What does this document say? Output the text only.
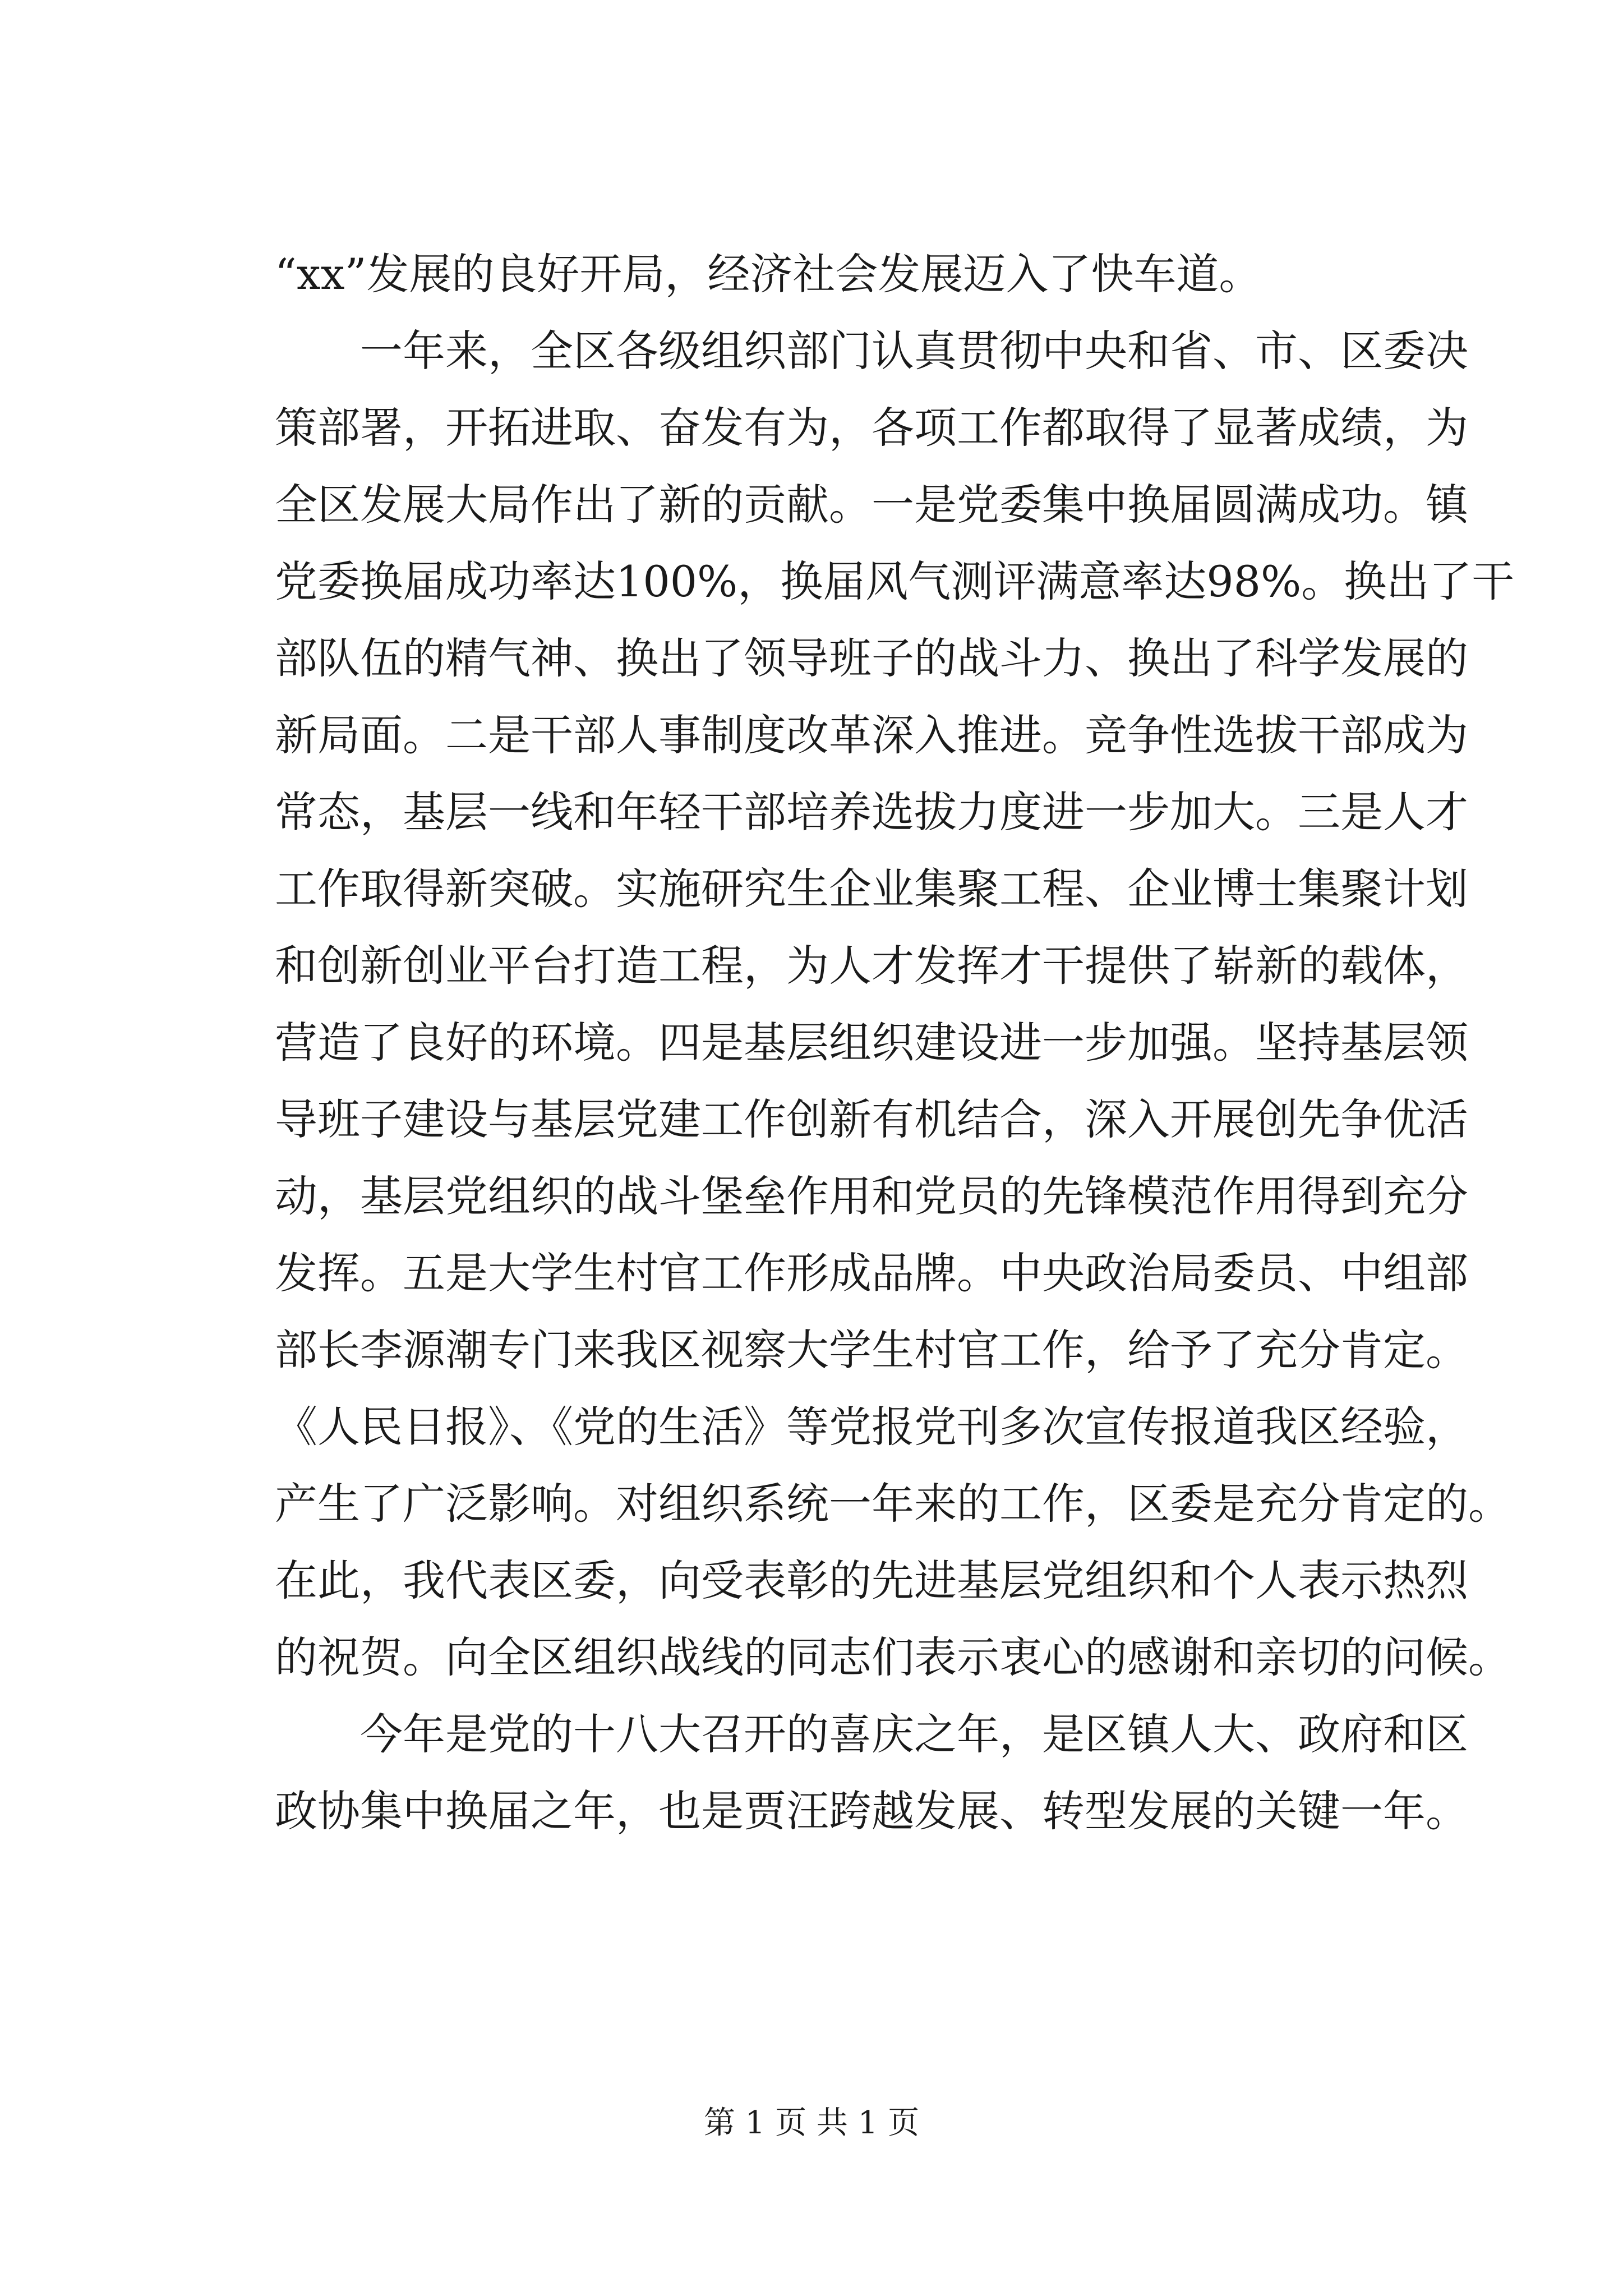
“xx”发展的良好开局，经济社会发展迈入了快车道。
一年来，全区各级组织部门认真贯彻中央和省、市、区委决
策部署，开拓进取、奋发有为，各项工作都取得了显著成绩，为
全区发展大局作出了新的贡献。一是党委集中换届圆满成功。镇
党委换届成功率达100%，换届风气测评满意率达98%。换出了干
部队伍的精气神、换出了领导班子的战斗力、换出了科学发展的
新局面。二是干部人事制度改革深入推进。竞争性选拔干部成为
常态，基层一线和年轻干部培养选拔力度进一步加大。三是人才
工作取得新突破。实施研究生企业集聚工程、企业博士集聚计划
和创新创业平台打造工程，为人才发挥才干提供了崭新的载体，
营造了良好的环境。四是基层组织建设进一步加强。坚持基层领
导班子建设与基层党建工作创新有机结合，深入开展创先争优活
动，基层党组织的战斗堡垒作用和党员的先锋模范作用得到充分
发挥。五是大学生村官工作形成品牌。中央政治局委员、中组部
部长李源潮专门来我区视察大学生村官工作，给予了充分肯定。
《人民日报》、《党的生活》等党报党刊多次宣传报道我区经验，
产生了广泛影响。对组织系统一年来的工作，区委是充分肯定的。
在此，我代表区委，向受表彰的先进基层党组织和个人表示热烈
的祝贺。向全区组织战线的同志们表示衷心的感谢和亲切的问候。
今年是党的十八大召开的喜庆之年，是区镇人大、政府和区
政协集中换届之年，也是贾汪跨越发展、转型发展的关键一年。
第 1 页 共 1 页
